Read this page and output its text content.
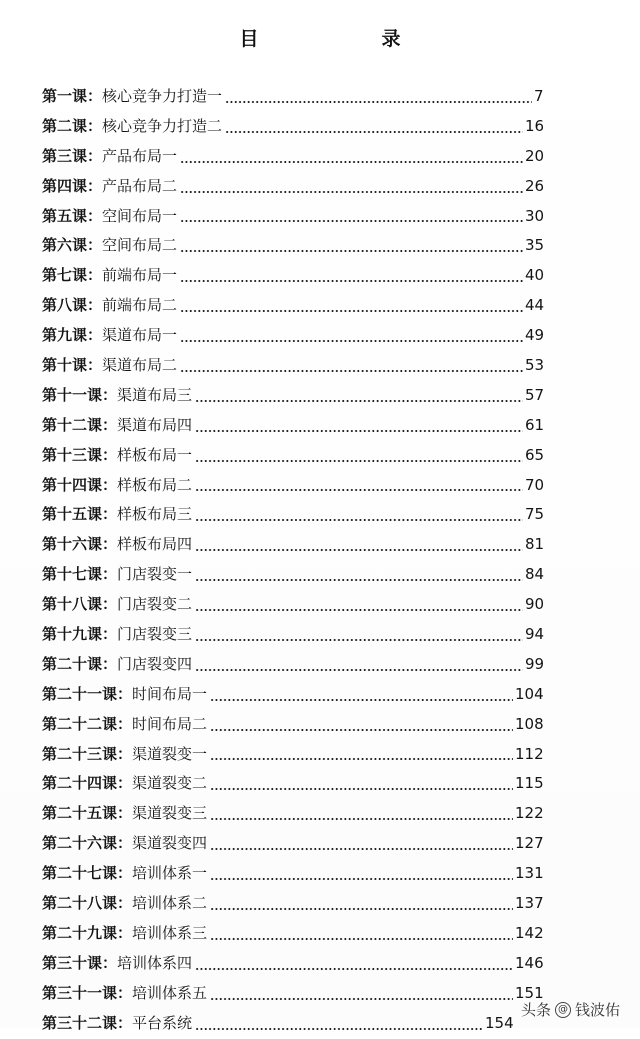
目　录
第一课：核心竞争力打造一	7
第二课：核心竞争力打造二	16
第三课：产品布局一	20
第四课：产品布局二	26
第五课：空间布局一	30
第六课：空间布局二	35
第七课：前端布局一	40
第八课：前端布局二	44
第九课：渠道布局一	49
第十课：渠道布局二	53
第十一课：渠道布局三	57
第十二课：渠道布局四	61
第十三课：样板布局一	65
第十四课：样板布局二	70
第十五课：样板布局三	75
第十六课：样板布局四	81
第十七课：门店裂变一	84
第十八课：门店裂变二	90
第十九课：门店裂变三	94
第二十课：门店裂变四	99
第二十一课：时间布局一	104
第二十二课：时间布局二	108
第二十三课：渠道裂变一	112
第二十四课：渠道裂变二	115
第二十五课：渠道裂变三	122
第二十六课：渠道裂变四	127
第二十七课：培训体系一	131
第二十八课：培训体系二	137
第二十九课：培训体系三	142
第三十课：培训体系四	146
第三十一课：培训体系五	151
第三十二课：平台系统	154
头条 @ 钱波佑
